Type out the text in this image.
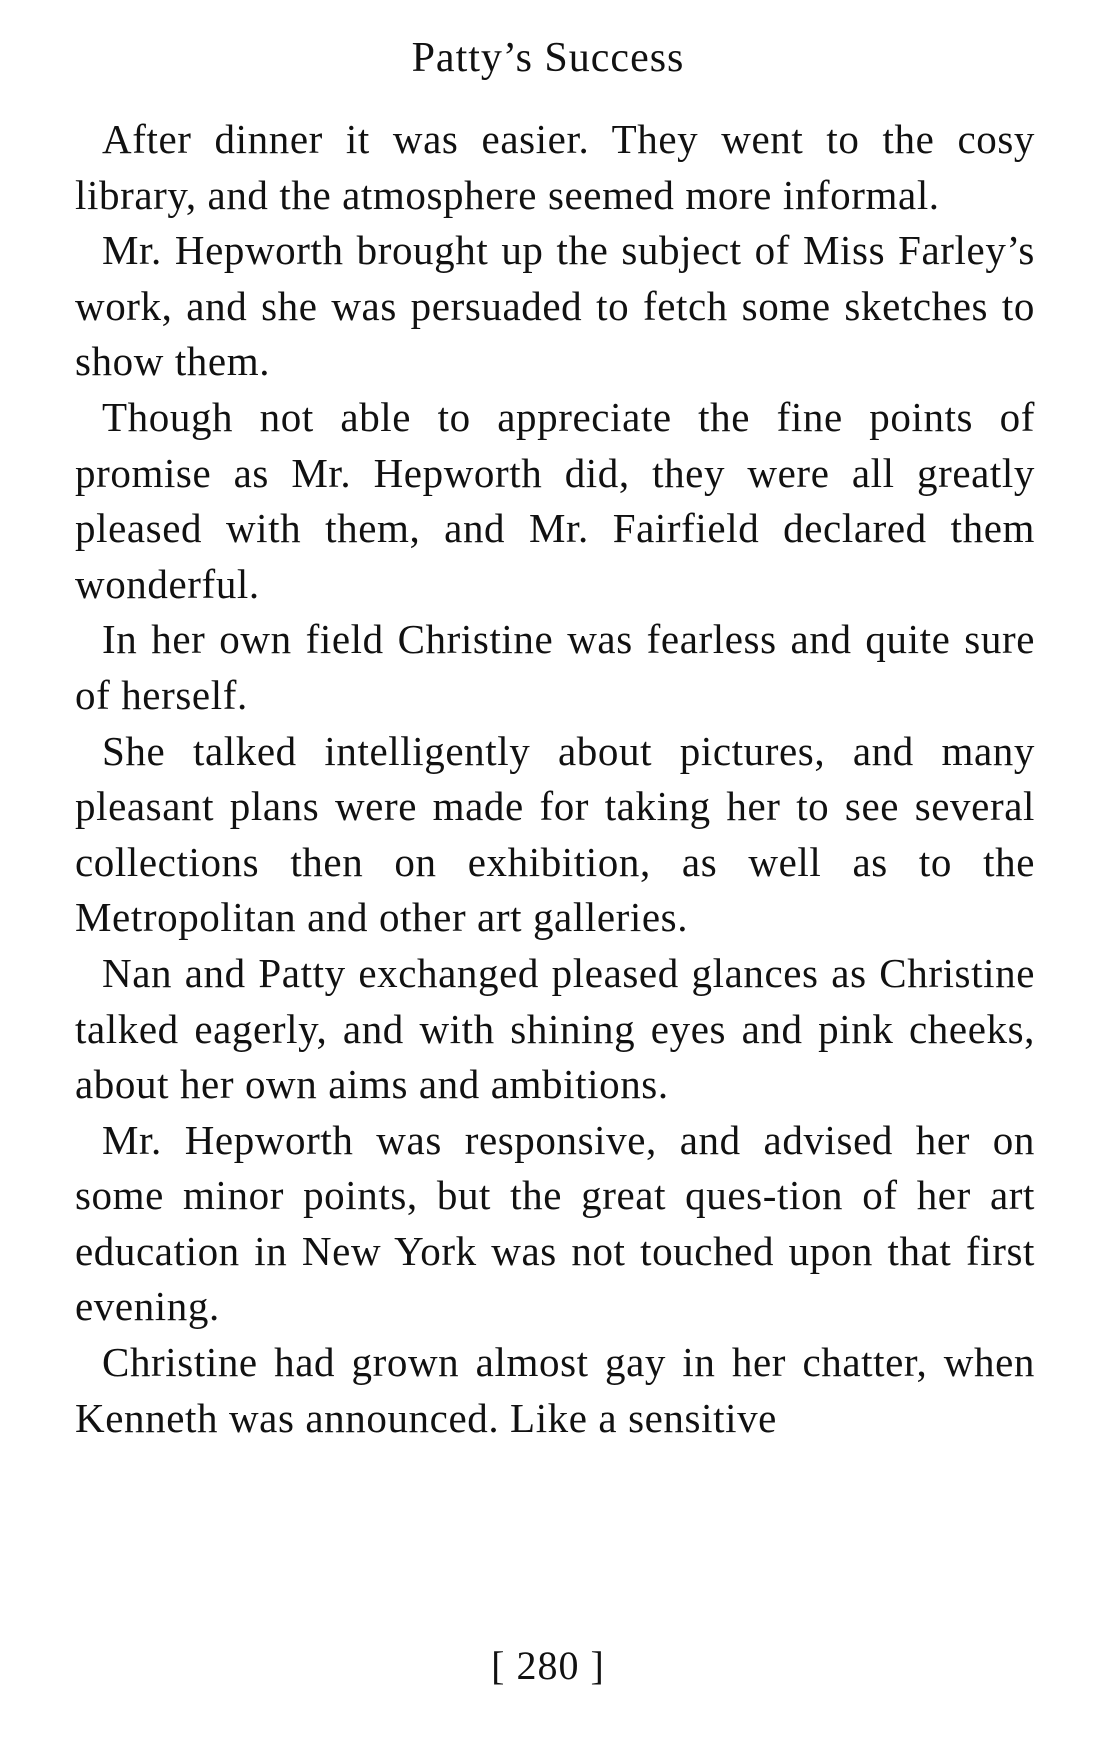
Patty’s Success

After dinner it was easier. They went to the cosy library, and the atmosphere seemed more informal.

Mr. Hepworth brought up the subject of Miss Farley’s work, and she was persuaded to fetch some sketches to show them.

Though not able to appreciate the fine points of promise as Mr. Hepworth did, they were all greatly pleased with them, and Mr. Fairfield declared them wonderful.

In her own field Christine was fearless and quite sure of herself.

She talked intelligently about pictures, and many pleasant plans were made for taking her to see several collections then on exhibition, as well as to the Metropolitan and other art galleries.

Nan and Patty exchanged pleased glances as Christine talked eagerly, and with shining eyes and pink cheeks, about her own aims and ambitions.

Mr. Hepworth was responsive, and advised her on some minor points, but the great ques-tion of her art education in New York was not touched upon that first evening.

Christine had grown almost gay in her chatter, when Kenneth was announced. Like a sensitive

[ 280 ]
